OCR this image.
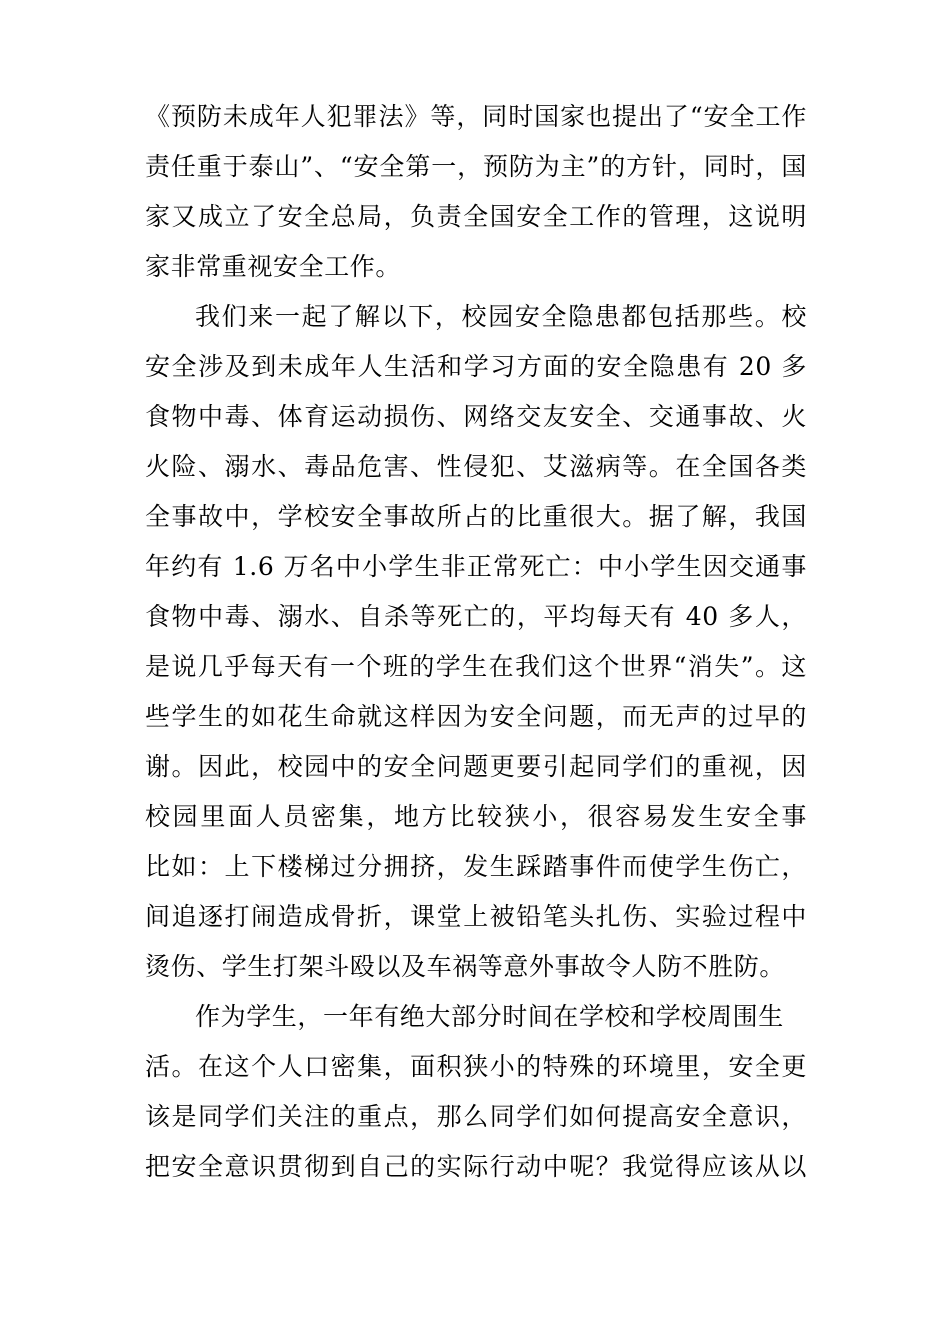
《预防未成年人犯罪法》等，同时国家也提出了“安全工作
责任重于泰山”、“安全第一，预防为主”的方针，同时，国
家又成立了安全总局，负责全国安全工作的管理，这说明
家非常重视安全工作。
我们来一起了解以下，校园安全隐患都包括那些。校
安全涉及到未成年人生活和学习方面的安全隐患有 20 多
食物中毒、体育运动损伤、网络交友安全、交通事故、火
火险、溺水、毒品危害、性侵犯、艾滋病等。在全国各类
全事故中，学校安全事故所占的比重很大。据了解，我国
年约有 1.6 万名中小学生非正常死亡：中小学生因交通事
食物中毒、溺水、自杀等死亡的，平均每天有 40 多人，
是说几乎每天有一个班的学生在我们这个世界“消失”。这
些学生的如花生命就这样因为安全问题，而无声的过早的
谢。因此，校园中的安全问题更要引起同学们的重视，因
校园里面人员密集，地方比较狭小，很容易发生安全事
比如：上下楼梯过分拥挤，发生踩踏事件而使学生伤亡，
间追逐打闹造成骨折，课堂上被铅笔头扎伤、实验过程中
烫伤、学生打架斗殴以及车祸等意外事故令人防不胜防。
作为学生，一年有绝大部分时间在学校和学校周围生
活。在这个人口密集，面积狭小的特殊的环境里，安全更
该是同学们关注的重点，那么同学们如何提高安全意识，
把安全意识贯彻到自己的实际行动中呢？我觉得应该从以
